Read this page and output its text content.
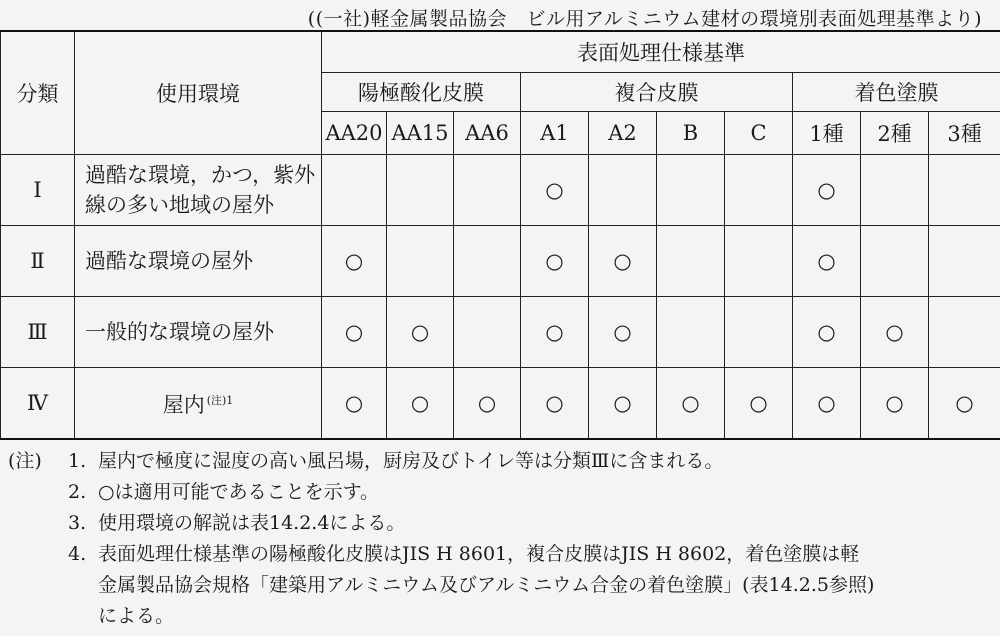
((一社)軽金属製品協会　ビル用アルミニウム建材の環境別表面処理基準より)
分類	使用環境	表面処理仕様基準									
		陽極酸化皮膜			複合皮膜				着色塗膜		
		AA20	AA15	AA6	A1	A2	B	C	1種	2種	3種
Ⅰ	過酷な環境，かつ，紫外線の多い地域の屋外				○				○		
Ⅱ	過酷な環境の屋外	○			○	○			○		
Ⅲ	一般的な環境の屋外	○	○		○	○			○	○	
Ⅳ	屋内 $^{(注)1}$	○	○	○	○	○	○	○	○	○	○
(注) 1. 屋内で極度に湿度の高い風呂場，厨房及びトイレ等は分類Ⅲに含まれる。
2. ○は適用可能であることを示す。
3. 使用環境の解説は表14.2.4による。
4. 表面処理仕様基準の陽極酸化皮膜はJIS H 8601，複合皮膜はJIS H 8602，着色塗膜は軽
金属製品協会規格「建築用アルミニウム及びアルミニウム合金の着色塗膜」(表14.2.5参照)
による。
